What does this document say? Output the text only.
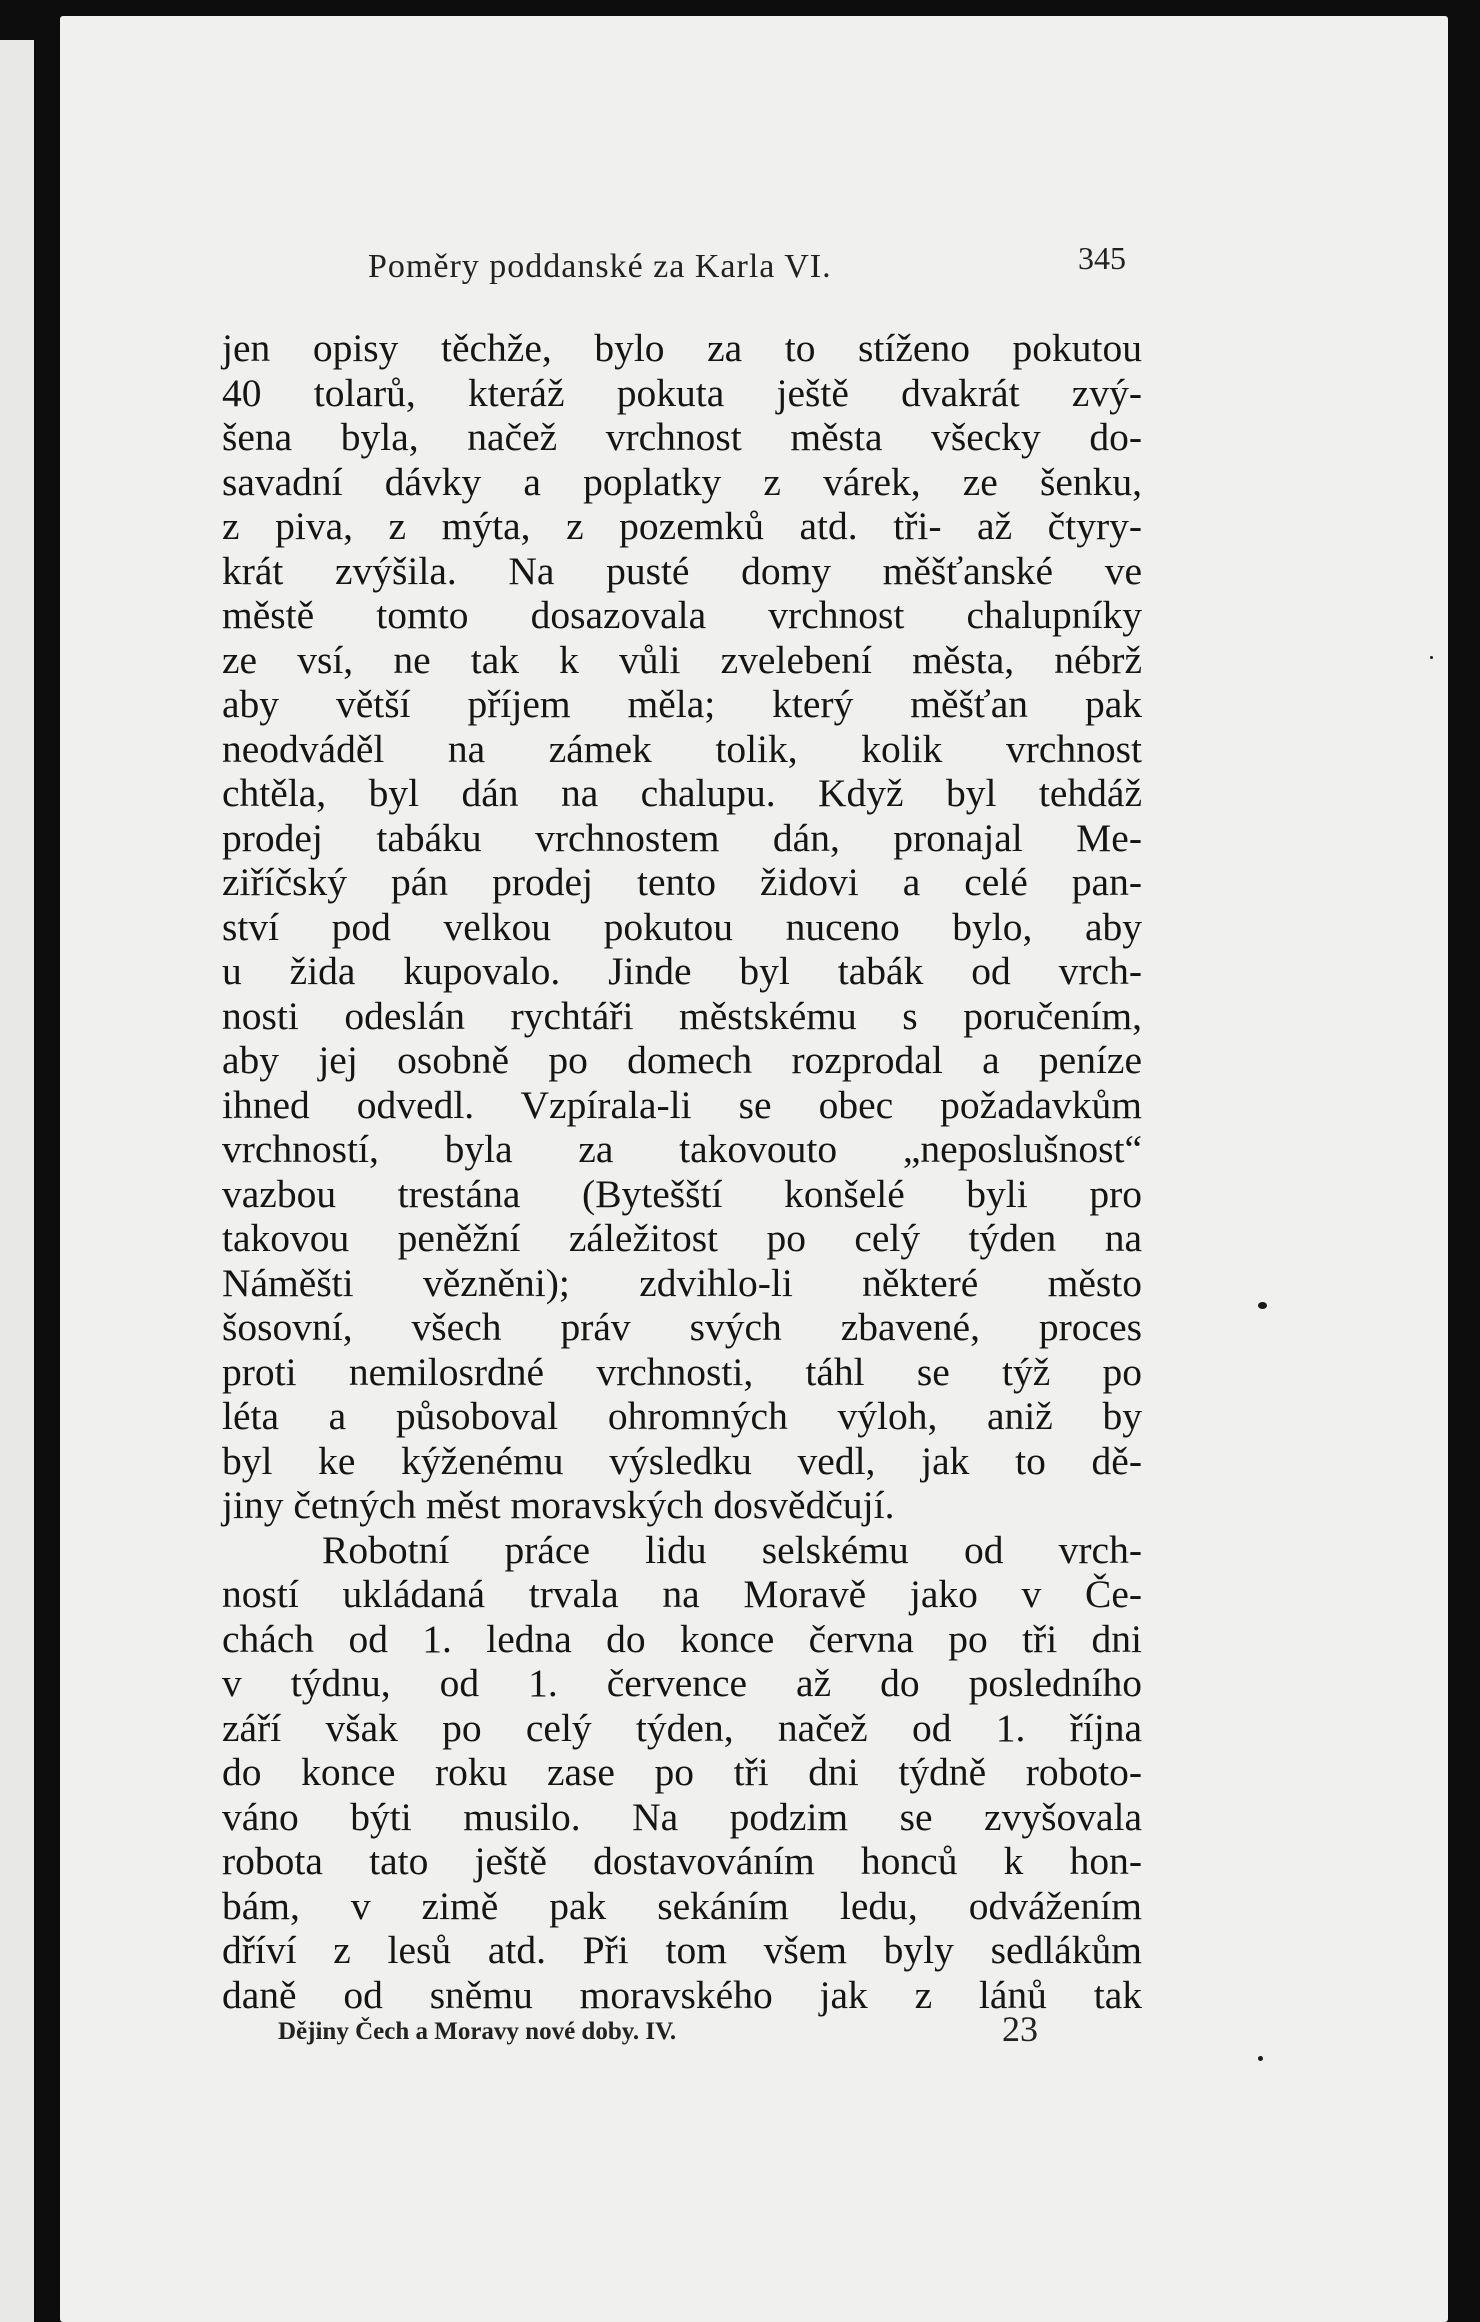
Poměry poddanské za Karla VI.	345
jen opisy těchže, bylo za to stíženo pokutou
40 tolarů, kteráž pokuta ještě dvakrát zvý-
šena byla, načež vrchnost města všecky do-
savadní dávky a poplatky z várek, ze šenku,
z piva, z mýta, z pozemků atd. tři- až čtyry-
krát zvýšila. Na pusté domy měšťanské ve
městě tomto dosazovala vrchnost chalupníky
ze vsí, ne tak k vůli zvelebení města, nébrž
aby větší příjem měla; který měšťan pak
neodváděl na zámek tolik, kolik vrchnost
chtěla, byl dán na chalupu. Když byl tehdáž
prodej tabáku vrchnostem dán, pronajal Me-
ziříčský pán prodej tento židovi a celé pan-
ství pod velkou pokutou nuceno bylo, aby
u žida kupovalo. Jinde byl tabák od vrch-
nosti odeslán rychtáři městskému s poručením,
aby jej osobně po domech rozprodal a peníze
ihned odvedl. Vzpírala-li se obec požadavkům
vrchností, byla za takovouto „neposlušnost“
vazbou trestána (Bytešští konšelé byli pro
takovou peněžní záležitost po celý týden na
Náměšti vězněni); zdvihlo-li některé město
šosovní, všech práv svých zbavené, proces
proti nemilosrdné vrchnosti, táhl se týž po
léta a působoval ohromných výloh, aniž by
byl ke kýženému výsledku vedl, jak to dě-
jiny četných měst moravských dosvědčují.
Robotní práce lidu selskému od vrch-
ností ukládaná trvala na Moravě jako v Če-
chách od 1. ledna do konce června po tři dni
v týdnu, od 1. července až do posledního
září však po celý týden, načež od 1. října
do konce roku zase po tři dni týdně roboto-
váno býti musilo. Na podzim se zvyšovala
robota tato ještě dostavováním honců k hon-
bám, v zimě pak sekáním ledu, odvážením
dříví z lesů atd. Při tom všem byly sedlákům
daně od sněmu moravského jak z lánů tak
Dějiny Čech a Moravy nové doby. IV.	23
